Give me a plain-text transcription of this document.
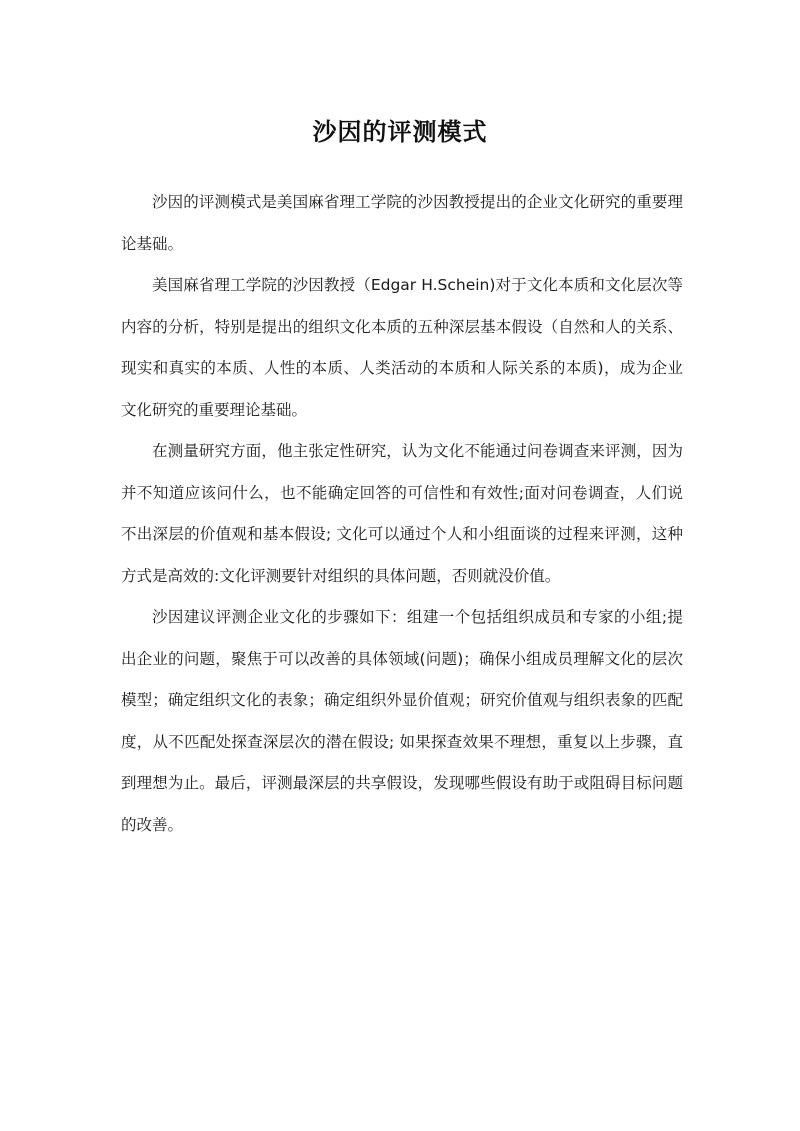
沙因的评测模式

沙因的评测模式是美国麻省理工学院的沙因教授提出的企业文化研究的重要理论基础。

美国麻省理工学院的沙因教授（Edgar H.Schein)对于文化本质和文化层次等内容的分析，特别是提出的组织文化本质的五种深层基本假设（自然和人的关系、现实和真实的本质、人性的本质、人类活动的本质和人际关系的本质)，成为企业文化研究的重要理论基础。

在测量研究方面，他主张定性研究，认为文化不能通过问卷调查来评测，因为并不知道应该问什么，也不能确定回答的可信性和有效性;面对问卷调查，人们说不出深层的价值观和基本假设; 文化可以通过个人和小组面谈的过程来评测，这种方式是高效的:文化评测要针对组织的具体问题，否则就没价值。

沙因建议评测企业文化的步骤如下：组建一个包括组织成员和专家的小组;提出企业的问题，聚焦于可以改善的具体领域(问题)；确保小组成员理解文化的层次模型；确定组织文化的表象；确定组织外显价值观；研究价值观与组织表象的匹配度，从不匹配处探查深层次的潜在假设; 如果探查效果不理想，重复以上步骤，直到理想为止。最后，评测最深层的共享假设，发现哪些假设有助于或阻碍目标问题的改善。
